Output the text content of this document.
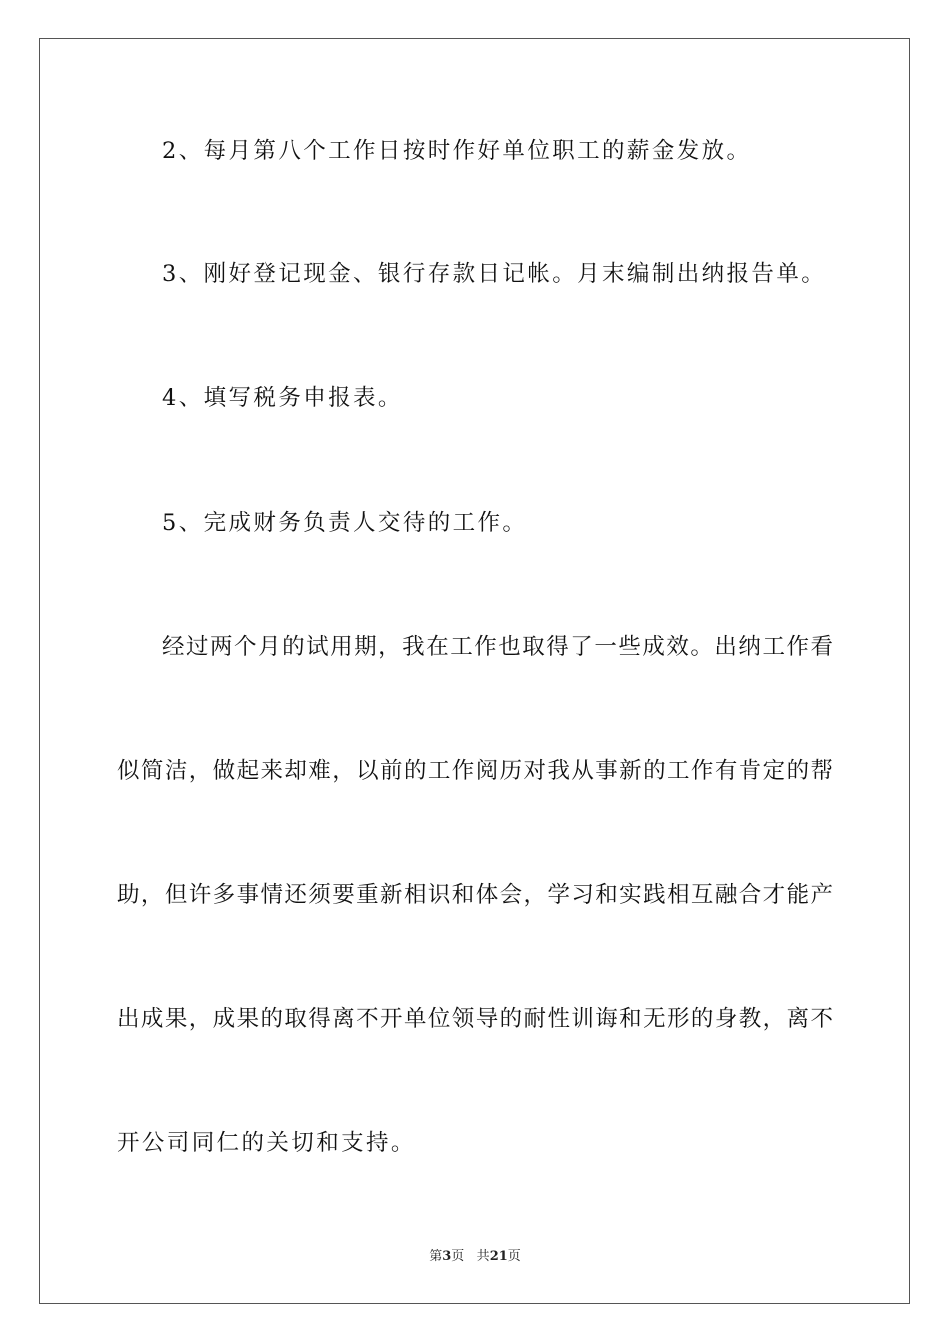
2、每月第八个工作日按时作好单位职工的薪金发放。
3、刚好登记现金、银行存款日记帐。月末编制出纳报告单。
4、填写税务申报表。
5、完成财务负责人交待的工作。
经过两个月的试用期，我在工作也取得了一些成效。出纳工作看
似简洁，做起来却难，以前的工作阅历对我从事新的工作有肯定的帮
助，但许多事情还须要重新相识和体会，学习和实践相互融合才能产
出成果，成果的取得离不开单位领导的耐性训诲和无形的身教，离不
开公司同仁的关切和支持。
第3页 共21页
